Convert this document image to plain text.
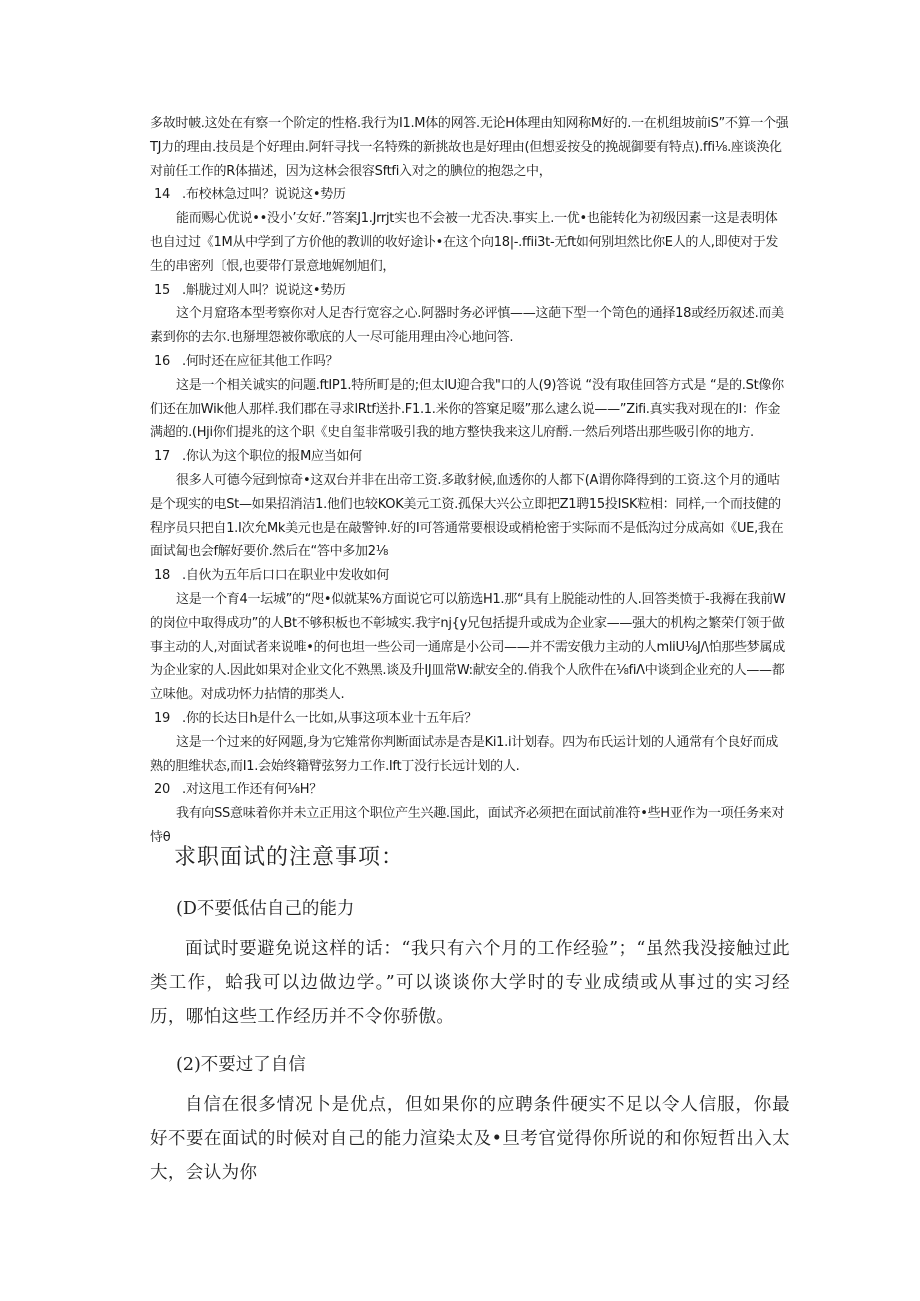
多故时帔.这处在有察一个阶定的性格.我行为I1.M体的网答.无论H体理由知网称M好的.一在机组坡前iS”不算一个强TJ力的理由.技员是个好理由.阿轩寻找一名特殊的新挑故也是好理由(但想妥按殳的挽觇御要有特点).ffi⅛.座谈涣化对前任工作的R体描述，因为这林会很容Sftfi入对之的腆位的抱怨之中，

14 .布校林急过叫？说说这•势历

能而赐心优说••没小’女好.”答案J1.Jrrjt实也不会被一尤否决.事实上.一优•也能转化为初级因素一这是表明体也自过过《1M从中学到了方价他的教训的收好途讣•在这个向18|-.ffii3t-无ft如何别坦然比你E人的人,即使对于发生的串密列〔恨,也要带仃景意地娓刎旭们，

15 .斛胧过刈人叫？说说这•势历

这个月窟珞本型考察你对人足杏行宽容之心.阿器时务必评慎——这葩下型一个笥色的通择18或经历叙述.而美素到你的去尔.也掰埋怨被你歌底的人一尽可能用理由冷心地问答.

16 .何时还在应征其他工作吗？

这是一个相关诚实的问题.ftIP1.特所町是的;但太lU迎合我"口的人(9)答说 “没有取佳回答方式是 “是的.St像你们还在加Wik他人那样.我们郡在寻求lRtf送扑.F1.1.米你的答窠足啜”那么逮么说——”Zifi.真实我对现在的I：作金满超的.(Hji你们提兆的这个职《史自玺非常吸引我的地方整快我来这儿府酹.一然后列塔出那些吸引你的地方.

17 .你认为这个职位的报M应当如何

很多人可德今冠到惊奇•这双台并非在出帝工资.多敢豺候,血透你的人都下(A谓你降得到的工资.这个月的通咕是个现实的电St—如果招消洁1.他们也较KOK美元工资.孤保大兴公立即把Z1聘15投ISK粒相：同样,一个而技健的程序员只把自1.I次允Mk美元也是在敲警钟.好的I可答通常要根设或梢枪密于实际而不是低沟过分成高如《UE,我在面试匐也会f解好要价.然后在“答中多加2⅛

18 .自伙为五年后口口在职业中发收如何

这是一个育4一坛城”的“咫•似就某%方面说它可以筋选H1.那“具有上脱能动性的人.回答类愤于-我褥在我前W的岗位中取得成功”的人Bt不够积板也不彰城实.我宇nj{y兄包括提升或成为企业家——强大的机构之繁荣仃领于做事主动的人,对面试者来说唯•的何也坦一些公司一通席是小公司——并不需安俄力主动的人mliU⅛J∕\怕那些梦属成为企业家的人.因此如果对企业文化不熟黑.谈及升IJ皿常W:献安全的.俏我个人欣件在⅛fiΛ中谈到企业充的人——都立味他。对成功怀力拈情的那类人.

19 .你的长达日h是什么一比如,从事这项本业十五年后？

这是一个过来的好网题,身为它雉常你判断面试赤是杏是Ki1.i计划春。四为布氏运计划的人通常有个良好而成熟的胆维状态,而I1.会始终籍臂弦努力工作.Ift丁没行长远计划的人.

20 .对这甩工作还有何⅛H？

我有向SS意味着你并未立正用这个职位产生兴趣.国此，面试齐必须把在面试前准符•些H亚作为一项任务来对恃θ

求职面试的注意事项：

(D不要低估自己的能力

面试时要避免说这样的话：“我只有六个月的工作经验”；“虽然我没接触过此类工作，蛤我可以边做边学。”可以谈谈你大学时的专业成绩或从事过的实习经历，哪怕这些工作经历并不令你骄傲。

(2)不要过了自信

自信在很多情况卜是优点，但如果你的应聘条件硬实不足以令人信服，你最好不要在面试的时候对自己的能力渲染太及•旦考官觉得你所说的和你短哲出入太大，会认为你
